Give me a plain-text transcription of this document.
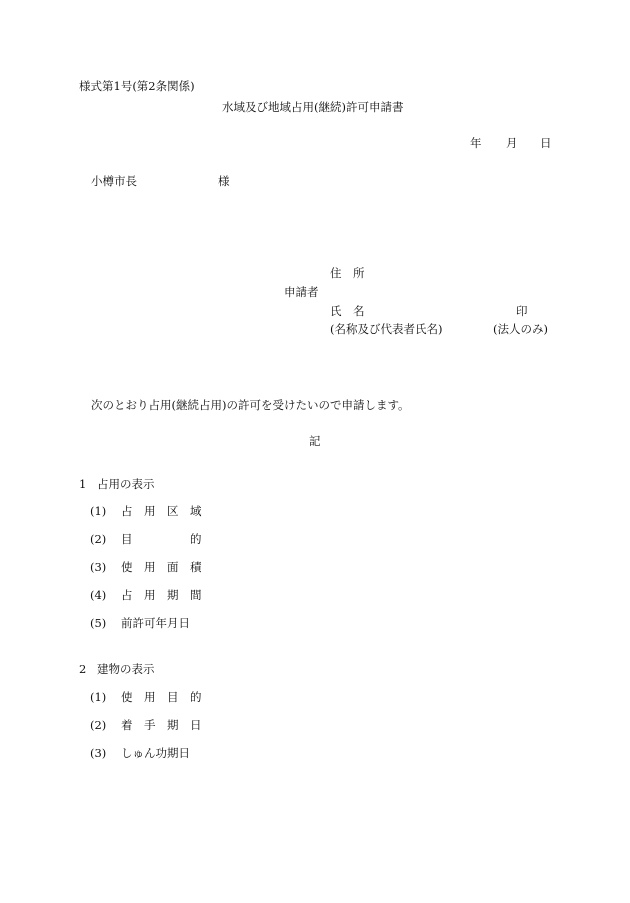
様式第1号(第2条関係)
水域及び地域占用(継続)許可申請書
年 月 日
小樽市長	様
住　所
申請者
氏　名	印
(名称及び代表者氏名)	(法人のみ)
次のとおり占用(継続占用)の許可を受けたいので申請します。
記
1 占用の表示
(1) 占　用　区　域
(2) 目　　　　　的
(3) 使　用　面　積
(4) 占　用　期　間
(5) 前許可年月日
2 建物の表示
(1) 使　用　目　的
(2) 着　手　期　日
(3) しゅん功期日
